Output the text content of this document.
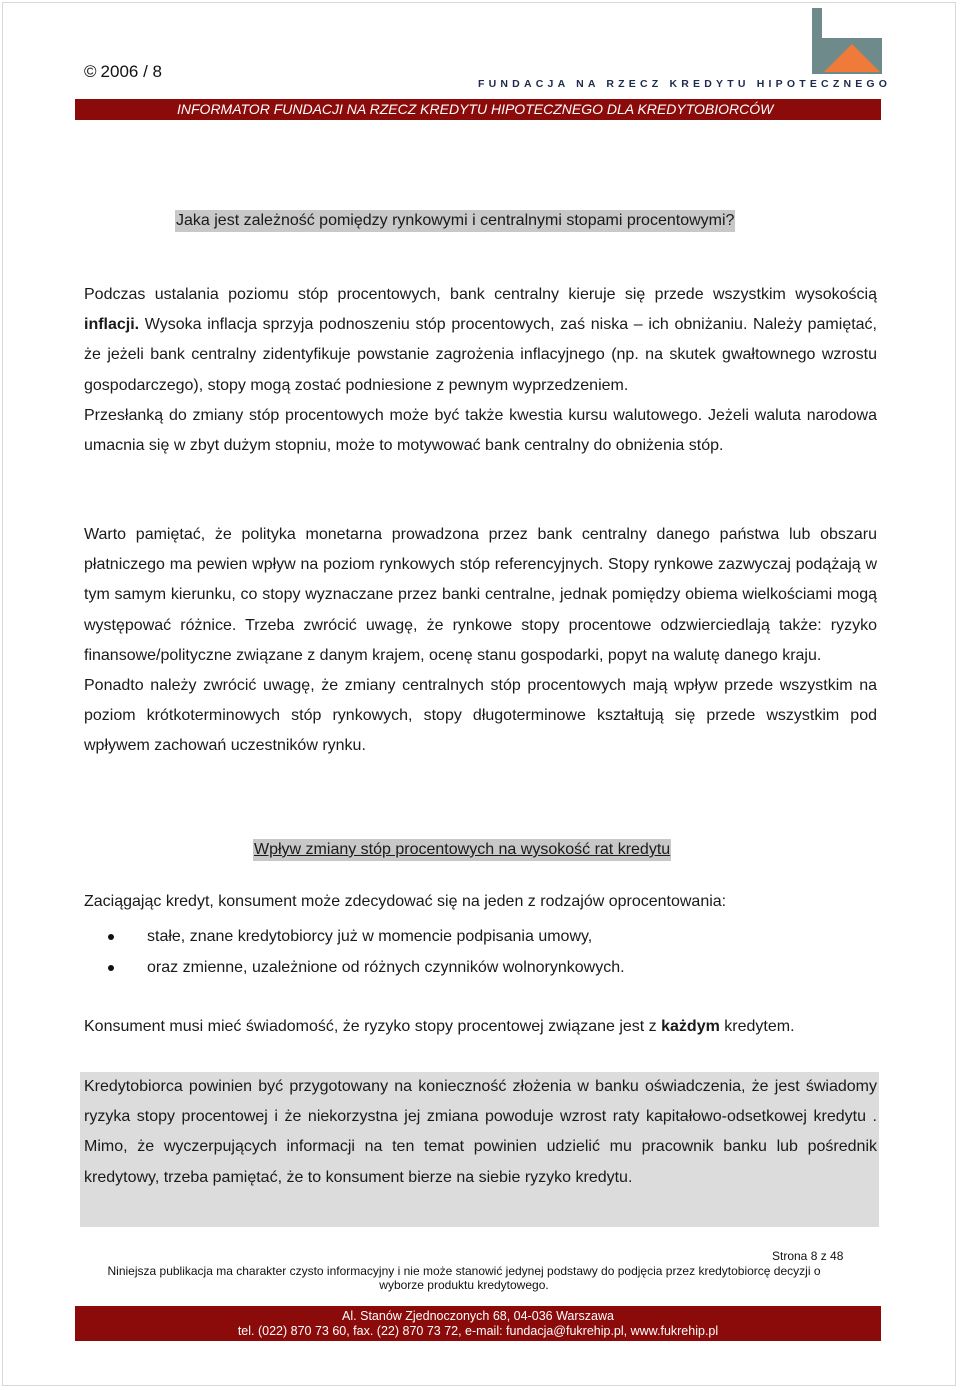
© 2006 / 8
FUNDACJA NA RZECZ KREDYTU HIPOTECZNEGO
INFORMATOR FUNDACJI NA RZECZ KREDYTU HIPOTECZNEGO DLA KREDYTOBIORCÓW
Jaka jest zależność pomiędzy rynkowymi i centralnymi stopami procentowymi?
Podczas ustalania poziomu stóp procentowych, bank centralny kieruje się przede wszystkim wysokością inflacji. Wysoka inflacja sprzyja podnoszeniu stóp procentowych, zaś niska – ich obniżaniu. Należy pamiętać, że jeżeli bank centralny zidentyfikuje powstanie zagrożenia inflacyjnego (np. na skutek gwałtownego wzrostu gospodarczego), stopy mogą zostać podniesione z pewnym wyprzedzeniem.
Przesłanką do zmiany stóp procentowych może być także kwestia kursu walutowego. Jeżeli waluta narodowa umacnia się w zbyt dużym stopniu, może to motywować bank centralny do obniżenia stóp.
Warto pamiętać, że polityka monetarna prowadzona przez bank centralny danego państwa lub obszaru płatniczego ma pewien wpływ na poziom rynkowych stóp referencyjnych. Stopy rynkowe zazwyczaj podążają w tym samym kierunku, co stopy wyznaczane przez banki centralne, jednak pomiędzy obiema wielkościami mogą występować różnice. Trzeba zwrócić uwagę, że rynkowe stopy procentowe odzwierciedlają także: ryzyko finansowe/polityczne związane z danym krajem, ocenę stanu gospodarki, popyt na walutę danego kraju.
Ponadto należy zwrócić uwagę, że zmiany centralnych stóp procentowych mają wpływ przede wszystkim na poziom krótkoterminowych stóp rynkowych, stopy długoterminowe kształtują się przede wszystkim pod wpływem zachowań uczestników rynku.
Wpływ zmiany stóp procentowych na wysokość rat kredytu
Zaciągając kredyt, konsument może zdecydować się na jeden z rodzajów oprocentowania:
stałe, znane kredytobiorcy już w momencie podpisania umowy,
oraz zmienne, uzależnione od różnych czynników wolnorynkowych.
Konsument musi mieć świadomość, że ryzyko stopy procentowej związane jest z każdym kredytem.
Kredytobiorca powinien być przygotowany na konieczność złożenia w banku oświadczenia, że jest świadomy ryzyka stopy procentowej i że niekorzystna jej zmiana powoduje wzrost raty kapitałowo-odsetkowej kredytu . Mimo, że wyczerpujących informacji na ten temat powinien udzielić mu pracownik banku lub pośrednik kredytowy, trzeba pamiętać, że to konsument bierze na siebie ryzyko kredytu.
Strona 8 z 48
Niniejsza publikacja ma charakter czysto informacyjny i nie może stanowić jedynej podstawy do podjęcia przez kredytobiorcę decyzji o wyborze produktu kredytowego.
Al. Stanów Zjednoczonych 68, 04-036 Warszawa
tel. (022) 870 73 60, fax. (22) 870 73 72, e-mail: fundacja@fukrehip.pl, www.fukrehip.pl
